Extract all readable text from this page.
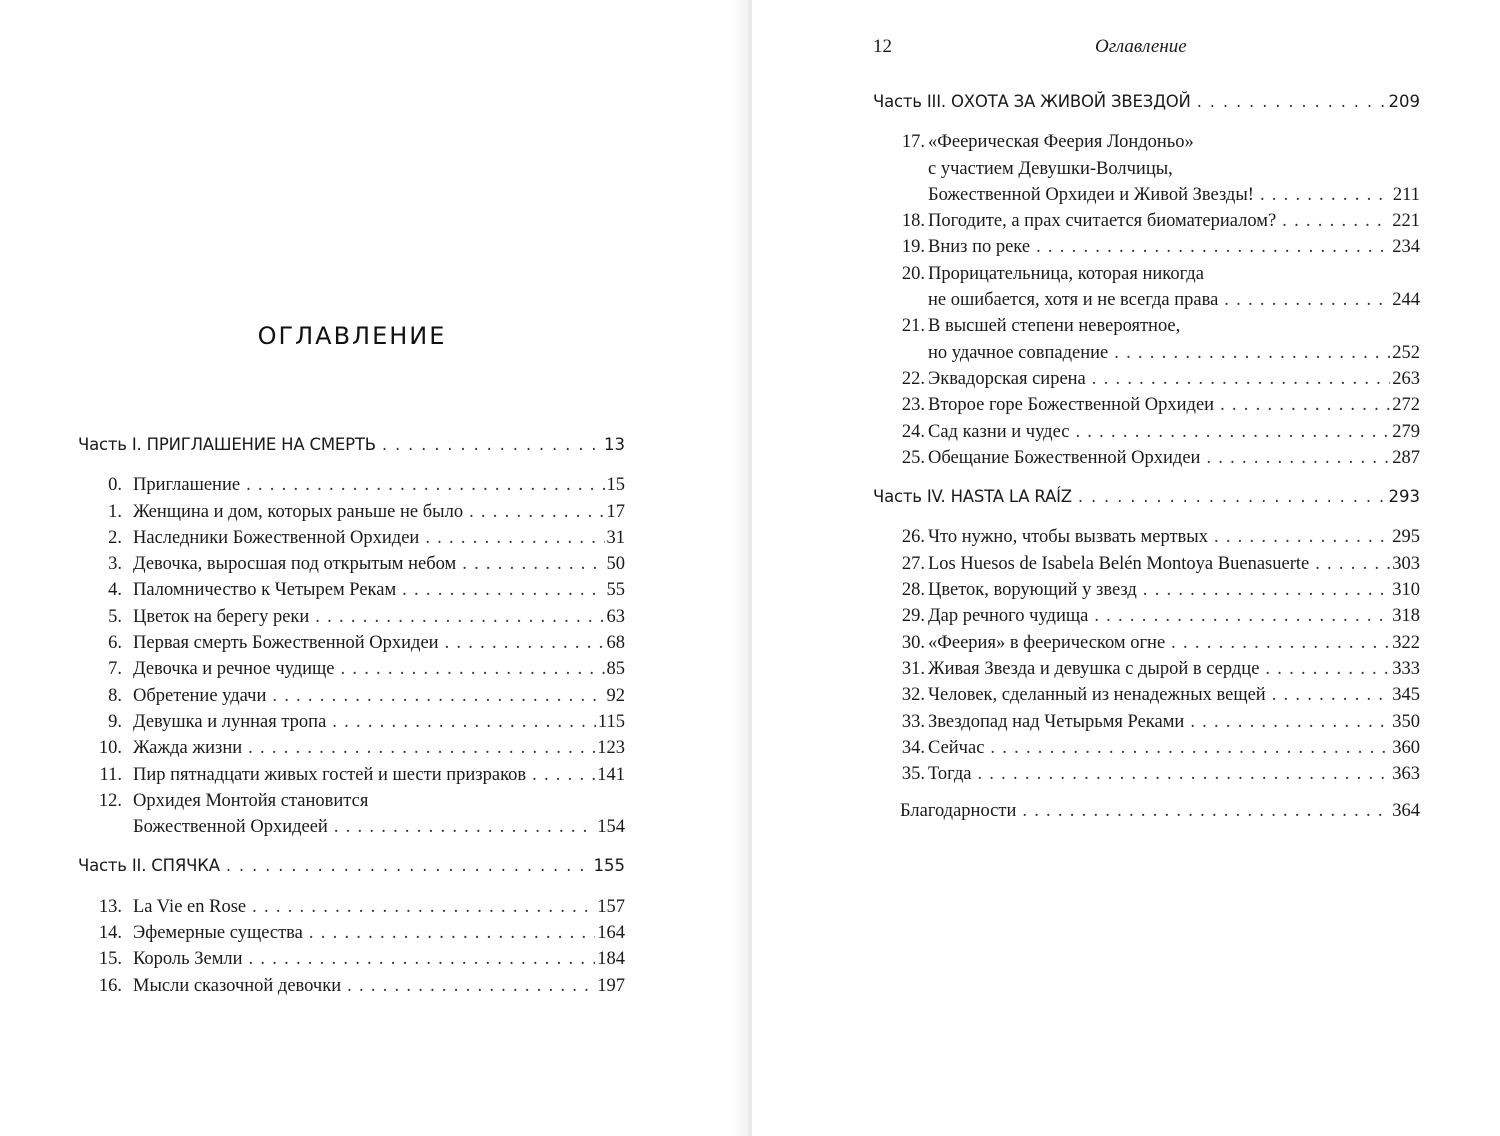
ОГЛАВЛЕНИЕ
Часть I. ПРИГЛАШЕНИЕ НА СМЕРТЬ . . .	13
0. Приглашение . . .	15
1. Женщина и дом, которых раньше не было . . .	17
2. Наследники Божественной Орхидеи . . .	31
3. Девочка, выросшая под открытым небом . . .	50
4. Паломничество к Четырем Рекам . . .	55
5. Цветок на берегу реки . . .	63
6. Первая смерть Божественной Орхидеи . . .	68
7. Девочка и речное чудище . . .	85
8. Обретение удачи . . .	92
9. Девушка и лунная тропа . . .	115
10. Жажда жизни . . .	123
11. Пир пятнадцати живых гостей и шести призраков . . .	141
12. Орхидея Монтойя становится
Божественной Орхидеей . . .	154
Часть II. СПЯЧКА . . .	155
13. La Vie en Rose . . .	157
14. Эфемерные существа . . .	164
15. Король Земли . . .	184
16. Мысли сказочной девочки . . .	197
12	Оглавление
Часть III. ОХОТА ЗА ЖИВОЙ ЗВЕЗДОЙ . . .	209
17. «Феерическая Феерия Лондоньо»
с участием Девушки-Волчицы,
Божественной Орхидеи и Живой Звезды! . . .	211
18. Погодите, а прах считается биоматериалом? . . .	221
19. Вниз по реке . . .	234
20. Прорицательница, которая никогда
не ошибается, хотя и не всегда права . . .	244
21. В высшей степени невероятное,
но удачное совпадение . . .	252
22. Эквадорская сирена . . .	263
23. Второе горе Божественной Орхидеи . . .	272
24. Сад казни и чудес . . .	279
25. Обещание Божественной Орхидеи . . .	287
Часть IV. HASTA LA RAÍZ . . .	293
26. Что нужно, чтобы вызвать мертвых . . .	295
27. Los Huesos de Isabela Belén Montoya Buenasuerte . . .	303
28. Цветок, ворующий у звезд . . .	310
29. Дар речного чудища . . .	318
30. «Феерия» в феерическом огне . . .	322
31. Живая Звезда и девушка с дырой в сердце . . .	333
32. Человек, сделанный из ненадежных вещей . . .	345
33. Звездопад над Четырьмя Реками . . .	350
34. Сейчас . . .	360
35. Тогда . . .	363
Благодарности . . .	364
